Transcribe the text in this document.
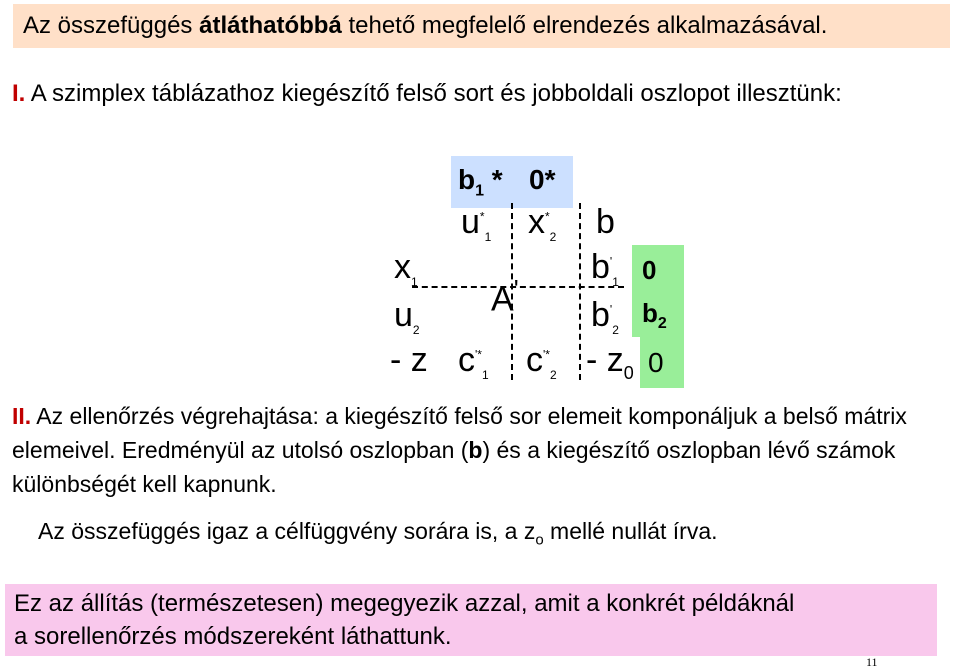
Az összefüggés átláthatóbbá tehető megfelelő elrendezés alkalmazásával.
I. A szimplex táblázathoz kiegészítő felső sort és jobboldali oszlopot illesztünk:
$b_1 * 0*$
$u^*_1$ $x^*_2$ b
$x_1$
$u_2$
- z
A'
$b'_1$
$b'_2$
$c^{'*}_1$ $c^{'*}_2 - z_0$
0
$b_2$
0
II. Az ellenőrzés végrehajtása: a kiegészítő felső sor elemeit komponáljuk a belső mátrix elemeivel. Eredményül az utolsó oszlopban (b) és a kiegészítő oszlopban lévő számok különbségét kell kapnunk.
Az összefüggés igaz a célfüggvény sorára is, a $z_o$ mellé nullát írva.
Ez az állítás (természetesen) megegyezik azzal, amit a konkrét példáknál
a sorellenőrzés módszereként láthattunk.
11
